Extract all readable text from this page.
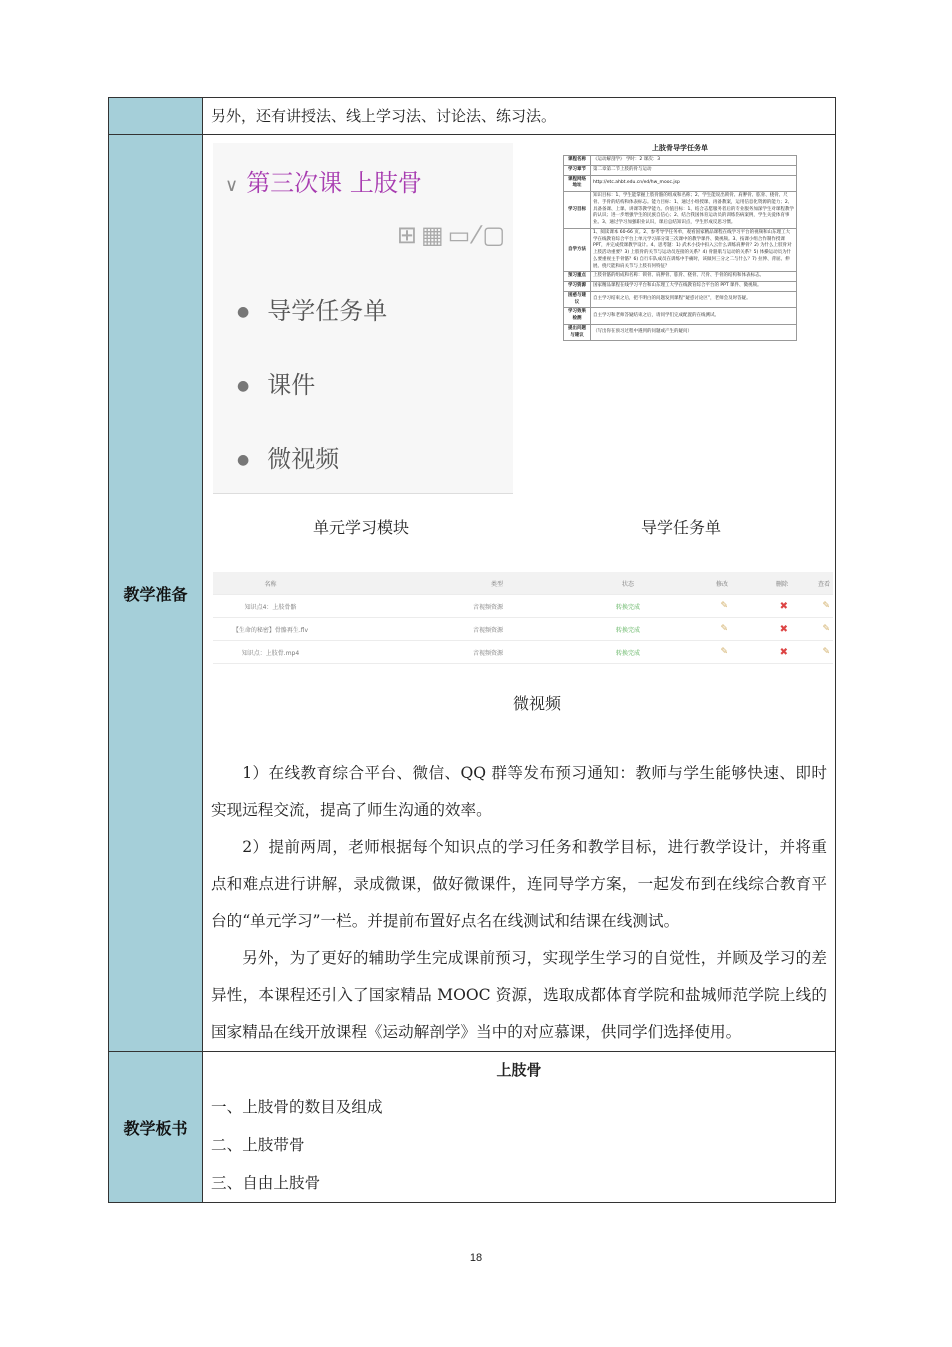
	另外，还有讲授法、线上学习法、讨论法、练习法。
教学准备	
∨ 第三次课 上肢骨
⊞▦▭⁄▢
● 导学任务单
● 课件
● 微视频
单元学习模块
上肢骨导学任务单
课程名称	《运动解剖学》 学时：2 课次：3
学习章节	第二章第二节上肢的骨与运动
课程网络地址	http://etc.ahbt.edu.cn/ed/hw_mooc.jsp
学习目标	知识目标：1、学生能掌握上肢骨骼的组成和名称；2、学生能说出锁骨、肩胛骨、肱骨、桡骨、尺骨、手骨的结构和体表标志。能力目标：1、通过小组授课、再备教案，运用信息化资源的能力；2、具备备课、上课、讲课等教学能力。价值目标：1、结合志愿服务者后的专业服务加深学生对课程教学的认识；进一步增强学生的民族自信心；2、结合我国体育运动员的训练伤病案例，学生关爱体育事业。3、通过学习加强职业认识，课后总结知识点，学生形成反思习惯。
自学方法	1、阅读课本 60-66 页。2、参考导学任务单，观看国家精品课程在线学习平台的视频和山东理工大学在线教育综合平台上单元学习部分第三次课中的教学课件、微视频。3、按课小组合作制作授课 PPT，并完成授课教学设计。4、思考题：1) 武术小技中扣入云什么训练肩胛骨？2) 为什么上肢骨对上肢活动重要？3) 上肢骨的关节与运动员连接的关系？4) 骨骼肌与运动的关系？5) 体操运动员为什么要重视主手骨骼？6) 自行车队成员在训练中手痛时，该做何三分之二与什么？7) 拉伸、背屈、伸展、桡尺能和肩关节与上肢有何特征？
预习重点	上肢骨骼的组成和名称：锁骨、肩胛骨、肱骨、桡骨、尺骨、手骨的结构和体表标志。
学习资源	国家精品课程在线学习平台和山东理工大学在线教育综合平台的 PPT 课件、微视频。
困惑与建议	自主学习结束之后，把不明白的问题发到课程“疑惑讨论区”，老师会及时答疑。
学习效果检测	自主学习和老师答疑结束之后，请同学们完成配置的在线测试。
提出问题与建议	（写出你在预习过程中遇到的问题或产生的疑问）
导学任务单
名称	类型	状态	修改	删除	查看
知识点4：上肢骨骼	音视频资源	转换完成	✎	✖	✎
【生命的秘密】骨骼再生.flv	音视频资源	转换完成	✎	✖	✎
知识点：上肢骨.mp4	音视频资源	转换完成	✎	✖	✎
微视频

1）在线教育综合平台、微信、QQ 群等发布预习通知：教师与学生能够快速、即时实现远程交流，提高了师生沟通的效率。

2）提前两周，老师根据每个知识点的学习任务和教学目标，进行教学设计，并将重点和难点进行讲解，录成微课，做好微课件，连同导学方案，一起发布到在线综合教育平台的“单元学习”一栏。并提前布置好点名在线测试和结课在线测试。

另外，为了更好的辅助学生完成课前预习，实现学生学习的自觉性，并顾及学习的差异性，本课程还引入了国家精品 MOOC 资源，选取成都体育学院和盐城师范学院上线的国家精品在线开放课程《运动解剖学》当中的对应慕课，供同学们选择使用。

教学板书	
上肢骨
一、上肢骨的数目及组成
二、上肢带骨
三、自由上肢骨
18
